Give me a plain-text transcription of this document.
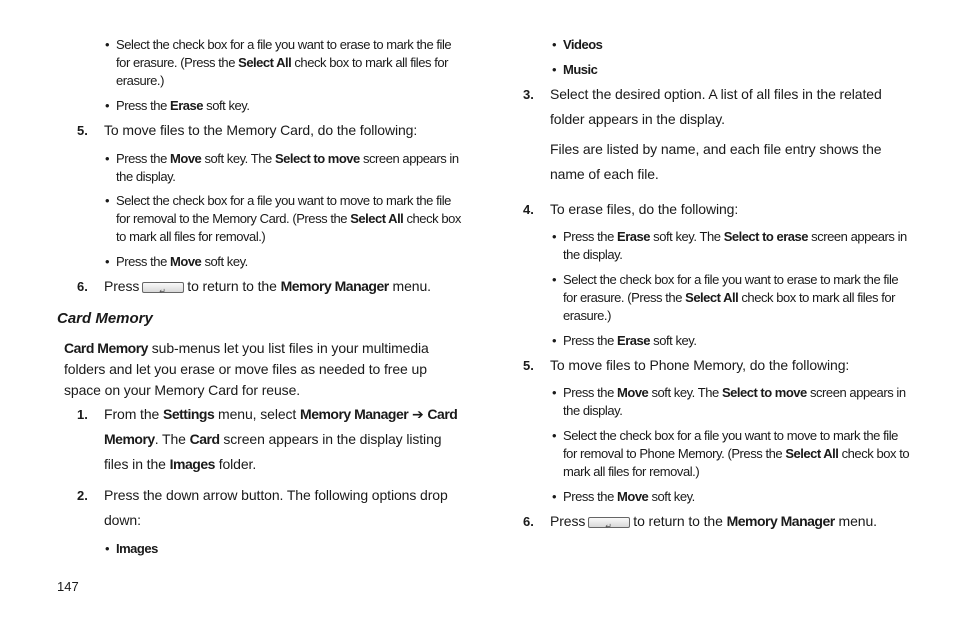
• Select the check box for a file you want to erase to mark the file for erasure. (Press the Select All check box to mark all files for erasure.)

• Press the Erase soft key.

5. To move files to the Memory Card, do the following:

• Press the Move soft key. The Select to move screen appears in the display.

• Select the check box for a file you want to move to mark the file for removal to the Memory Card. (Press the Select All check box to mark all files for removal.)

• Press the Move soft key.

6. Press ↵	to return to the Memory Manager menu.

Card Memory

Card Memory sub-menus let you list files in your multimedia folders and let you erase or move files as needed to free up space on your Memory Card for reuse.

1. From the Settings menu, select Memory Manager ➔ Card Memory. The Card screen appears in the display listing files in the Images folder.

2. Press the down arrow button. The following options drop down:

• Images

147

• Videos

• Music

3. Select the desired option. A list of all files in the related folder appears in the display.

Files are listed by name, and each file entry shows the name of each file.

4. To erase files, do the following:

• Press the Erase soft key. The Select to erase screen appears in the display.

• Select the check box for a file you want to erase to mark the file for erasure. (Press the Select All check box to mark all files for erasure.)

• Press the Erase soft key.

5. To move files to Phone Memory, do the following:

• Press the Move soft key. The Select to move screen appears in the display.

• Select the check box for a file you want to move to mark the file for removal to Phone Memory. (Press the Select All check box to mark all files for removal.)

• Press the Move soft key.

6. Press ↵	to return to the Memory Manager menu.
